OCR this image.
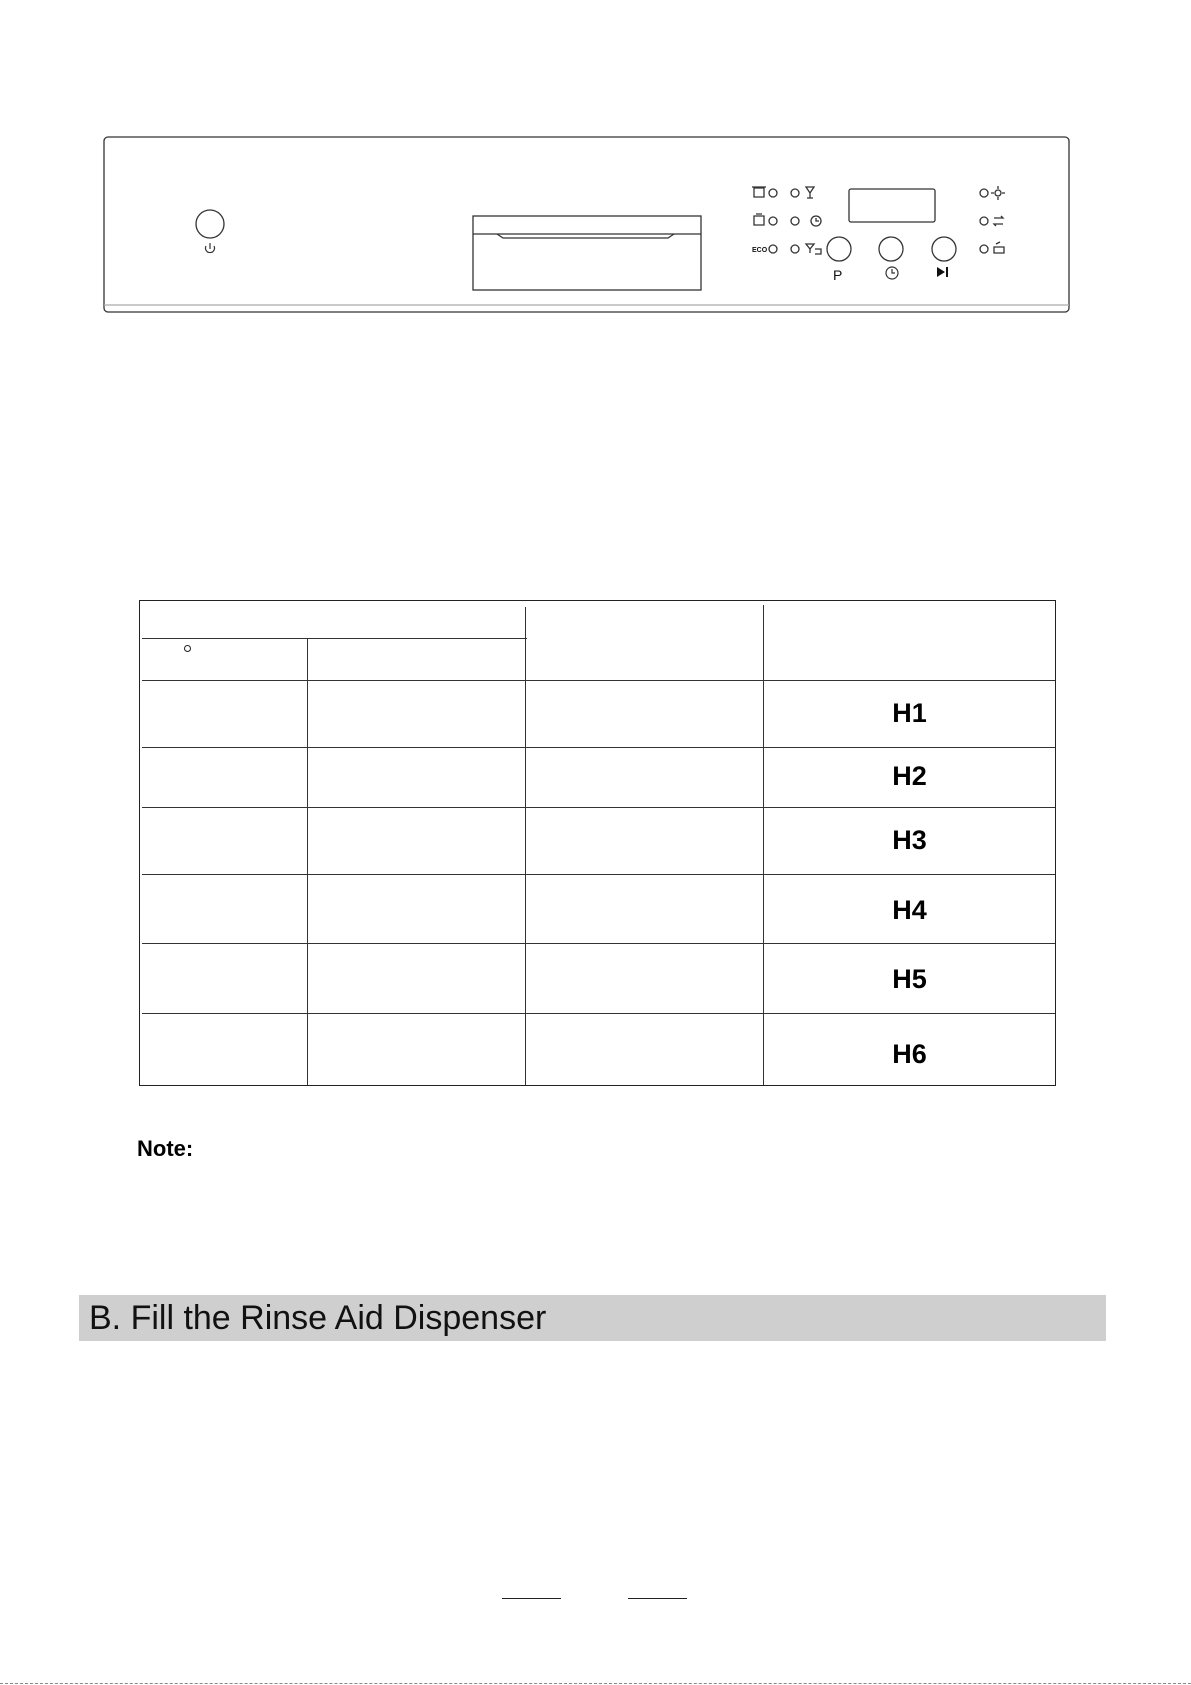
ECO
P
H1
H2
H3
H4
H5
H6
Note:
B. Fill the Rinse Aid Dispenser
